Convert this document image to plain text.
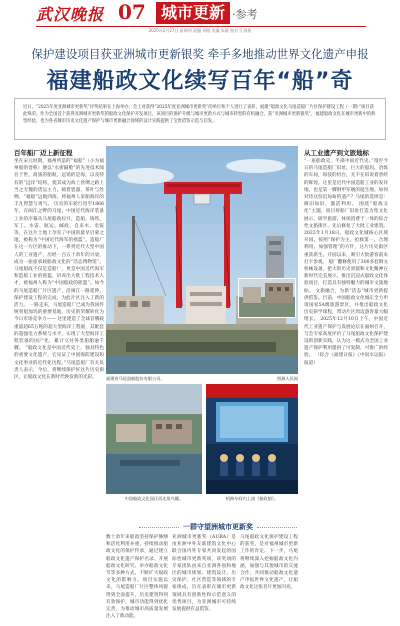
武汉晚报 07 城市更新 ·参考
2025年2月27日 星期四 责编 刘晓 美编 朱雄 校对 江海燕
保护建设项目获亚洲城市更新银奖 牵手多地推动世界文化遗产申报
福建船政文化续写百年“船”奇
近日，“2025年度亚洲城市更新奖”评奖结果在上海举办，会上对获得“2025年度亚洲城市更新奖”的单位和个人进行了表彰，福建“船政文化马尾造船厂片区保护建设工程（一期）”项目获此殊荣。作为全国首个获得亚洲城市更新奖的船政文化保护开发项目，该项目的保护升级与城市更新方式与城市转型的有机融合，获“亚洲城市更新银奖”，福建船政文化在城市更新中的典型经验，也为各省城市历史文化遗产保护与城市更新融合领域的设计实践提供了宝贵借鉴示范与启发。
百年船厂迈上新征程
坐在宋元时期，福州所造的“福船”（小为福州船的誉称）便以“水密隔舱”的先进技术闻名于世，商旅的船航，远销的是海，以及特有的“远洋”结构，使其成为海上丝绸之路上当之无愧的货运主力。载着瓷器、茶叶与丝绸，“福船”远航四海，将福州人采船海岸的丰凡智慧与勇气。 历史的车轮行进至1866年，在闽江之畔的马尾，中国近代海洋装备工业的序幕从马尾船政拉开，造船、铸铁、军工、水雷、航运、邮政、自来水、电报等，在这片土地上孕育了中国的最早启蒙之地，被称为“中国近代海军的摇篮”。造船厂在这一片区的推动下，一系列近代大型中国人的工业遗产，历经一百五十余年的兴衰，成为一座座承载船政文化的“活态博物馆”。 马尾船政不仅是造船厂，更是中国近代海军和造船工业的摇篮，培养出大批工程技术人才，被福州人称为“中国船政的摇篮”。如今的马尾造船厂片区遗产，沿闽江一路延伸，保护建设工程的完成，为此片区注入了新的活力。 一路走来，马尾造船厂已成为我国传统骨船加坞的重要基地，历史的荣耀转化为今日市场竞争力—— 这里建造了全球首艘载重量超65万吨的超大型海洋工程船，其配套的超强电力系统与水平，实现了大型海洋工程装备的国产化，累计交付各类船舶逾千艘。 “船政文化是中国近代史上，独具特色的重要文化遗产，它见证了中国海防建设和文化事业的近代化历程。”马尾造船厂有关负责人表示，今后，将继续保护好这片历史街区，让船政文化在新时代焕发新的光彩。	福建省马尾造船股份有限公司。	图源人民网
从工业遗产到文旅地标
“一座船政史，半部中国近代史。”漫步今日的马尾造船厂旧址，巨大的船坞、冶炼的车间，斑驳的机台，无不在诉说着曾经的辉煌。这里是近代中国造船工业的发祥地，也是第一艘钢甲军舰的诞生地。如何对待这份沉甸甸的遗产？马尾的选择是：修旧如旧，激活利用。 围绕“船政文化”主题，项目将船厂旧址打造为集文化展示、研学旅游、休闲消费于一体的综合性文旅街区，先后修复了大批工业建筑。 2023年1月18日，船政文化城核心区域开园，按照“保护为主、抢救第一、合理利用、加强管理”的方针，这片历史街区重获新生。开园以来，吸引大批游客前来打卡参观。 船厂翻修使用了300多套钢文机械设备，把大的历史原貌和文化精神在新时代完美展示，推出沉浸式船政文化体验项目，打造具有独特魅力的城市文旅地标。 文旅融合，为新“活态”城市更新提供借鉴。目前，中国船政文化城正全力申请国家5A级旅游景区，并推出船政文化历史研学课程，带动片区周边游客量大幅增长。 2025年12月10日上午，中国近代工业遗产保护与发展论坛在福州召开，与会专家高度评价了马尾船政文化保护建设的创新实践，认为这一模式为全国工业遗产保护利用提供了可复制、可推广的经验。 （综合《福建日报》《中国水运报》报道）
中国船政文化园区西北角鸟瞰。	机修车间内上演《船政船》。
一群守望洲城市更新奖
数十余年来船政坚持保护修缮和活化利用并重，持续推动船政文化的保护传承，通过建立船政文化遗产保护名录、开展船政文化研究、举办船政文化节等多种方式，不断扩大船政文化的影响力。项目实施以来，马尾造船厂片区整体风貌得到全面提升，历史建筑得到有效保护，城市功能得到优化完善，为推动城市高质量发展注入了新动能。
亚洲城市更新奖（AURA）是由亚洲中外友联建筑文化中心联合国内外专家共同发起的国际性城市更新奖项，该奖项的专家团队由来自亚洲各国和地区的城市规划、建筑设计、历史保护、社区营造等领域的专家组成，旨在表彰在城市更新领域具有创新性和示范意义的优秀项目，为亚洲城市可持续发展提供有益借鉴。
马尾船政文化保护建设工程的获奖，是对福州城市更新工作的肯定。下一步，马尾将继续深入挖掘船政文化内涵，加强与其他城市的交流合作，共同推动船政文化遗产申报世界文化遗产，让船政文化这张名片更加闪亮。
